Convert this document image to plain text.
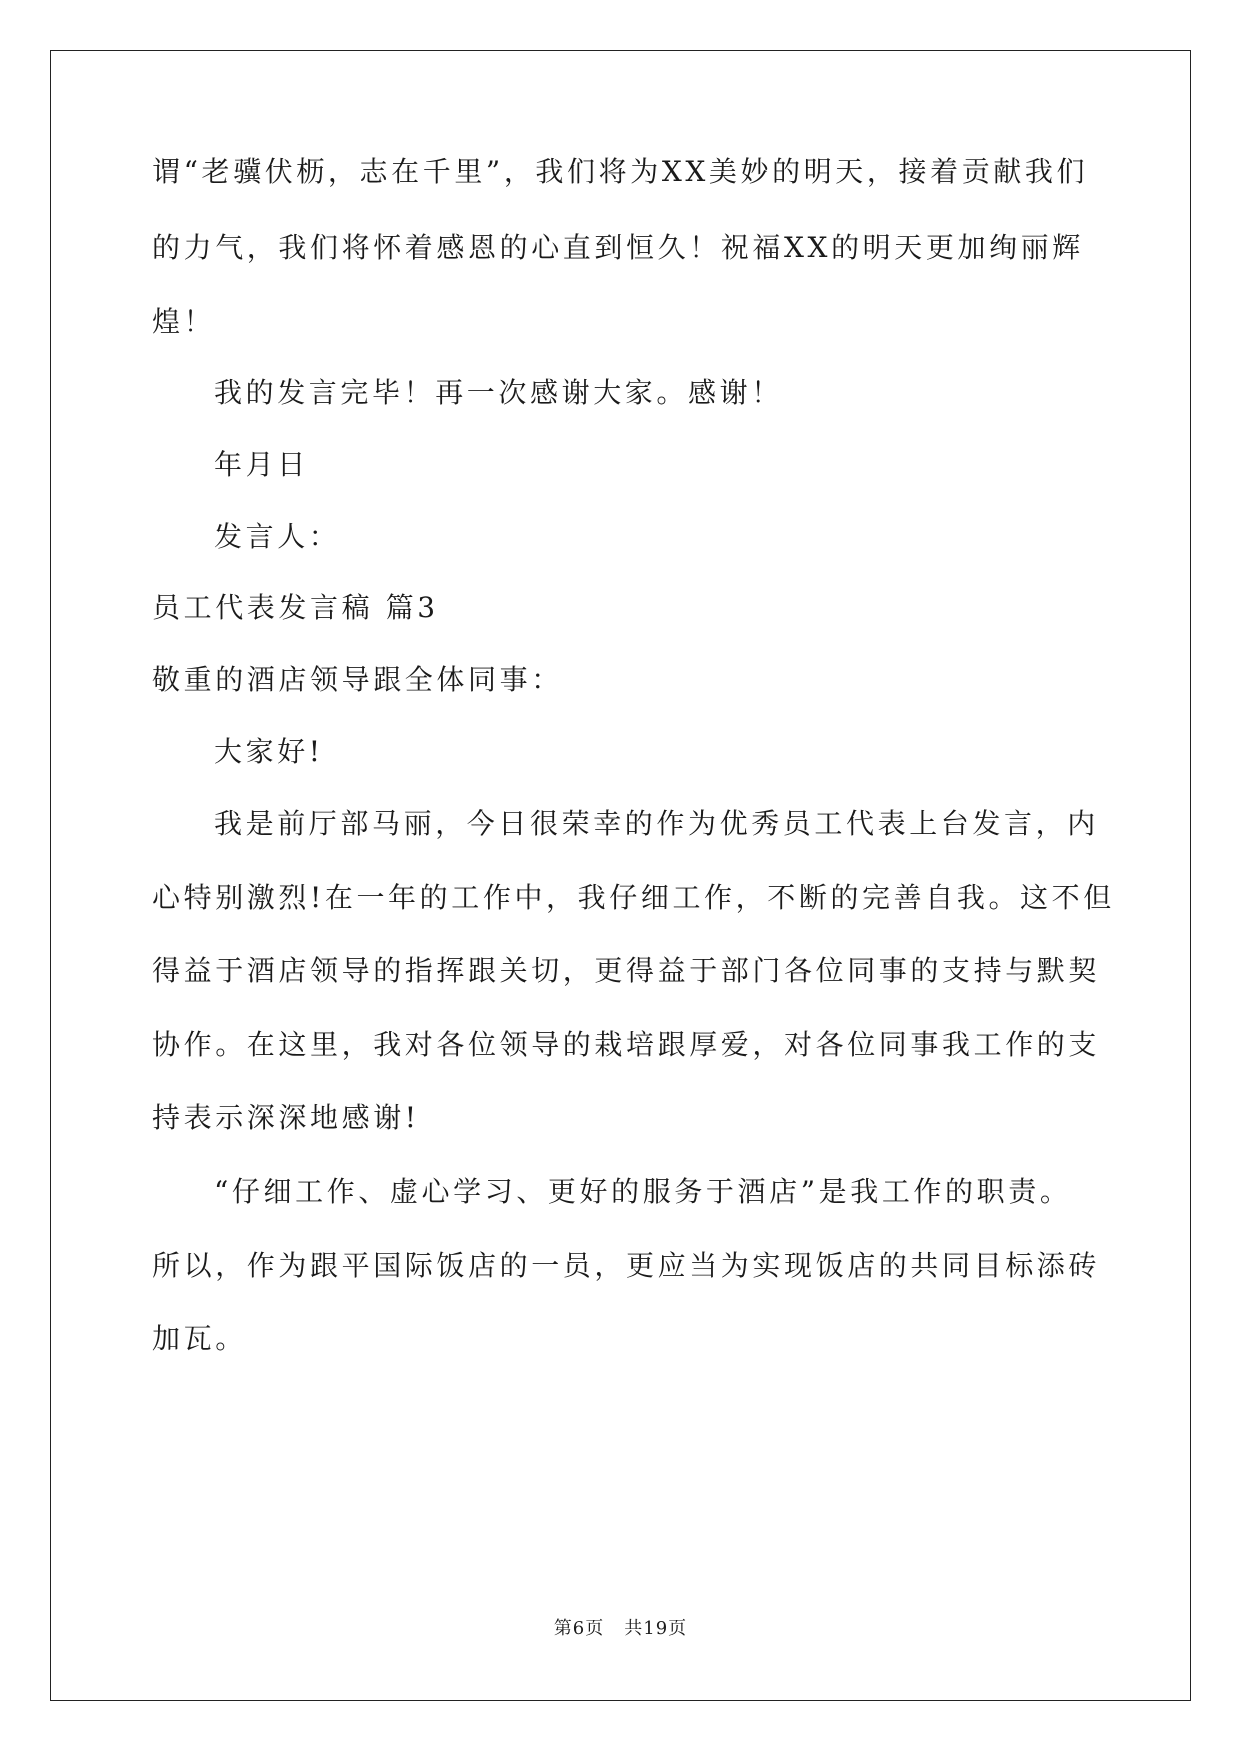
谓“老骥伏枥，志在千里”，我们将为XX美妙的明天，接着贡献我们
的力气，我们将怀着感恩的心直到恒久！祝福XX的明天更加绚丽辉
煌！
我的发言完毕！再一次感谢大家。感谢！
年月日
发言人：
员工代表发言稿 篇3
敬重的酒店领导跟全体同事：
大家好!
我是前厅部马丽，今日很荣幸的作为优秀员工代表上台发言，内
心特别激烈!在一年的工作中，我仔细工作，不断的完善自我。这不但
得益于酒店领导的指挥跟关切，更得益于部门各位同事的支持与默契
协作。在这里，我对各位领导的栽培跟厚爱，对各位同事我工作的支
持表示深深地感谢!
“仔细工作、虚心学习、更好的服务于酒店”是我工作的职责。
所以，作为跟平国际饭店的一员，更应当为实现饭店的共同目标添砖
加瓦。
第6页 共19页
